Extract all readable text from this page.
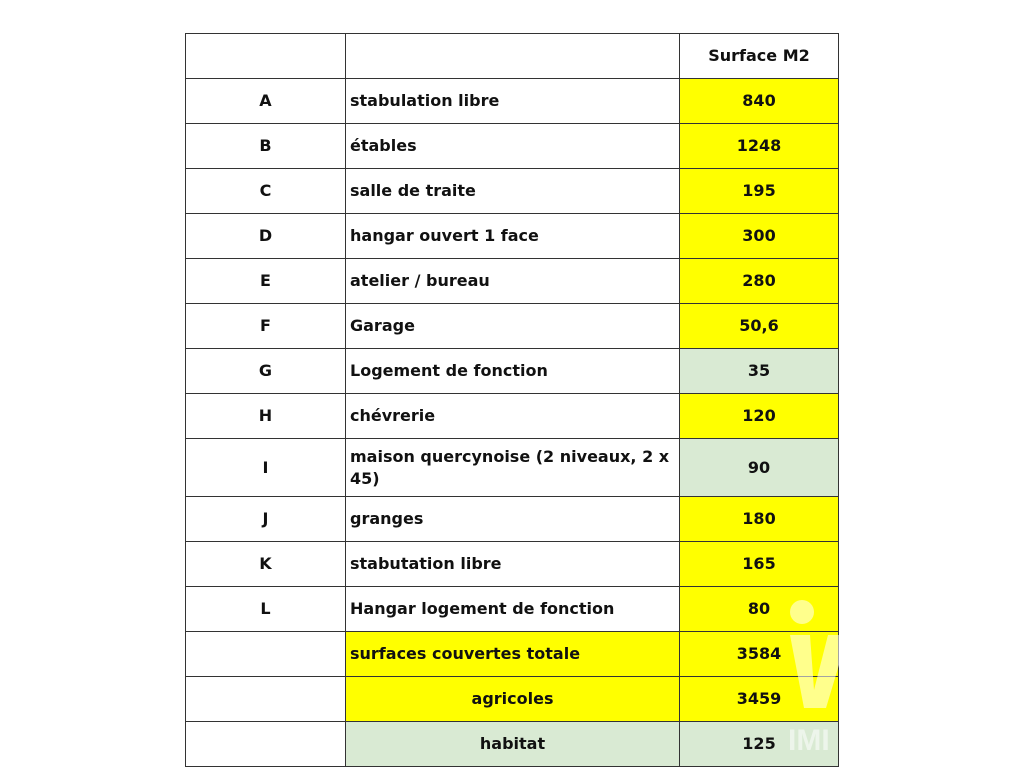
		Surface M2
A	stabulation libre	840
B	étables	1248
C	salle de traite	195
D	hangar ouvert 1 face	300
E	atelier / bureau	280
F	Garage	50,6
G	Logement de fonction	35
H	chévrerie	120
I	maison quercynoise (2 niveaux, 2 x 45)	90
J	granges	180
K	stabutation libre	165
L	Hangar logement de fonction	80
	surfaces couvertes totale	3584
	agricoles	3459
	habitat	125 IMI
